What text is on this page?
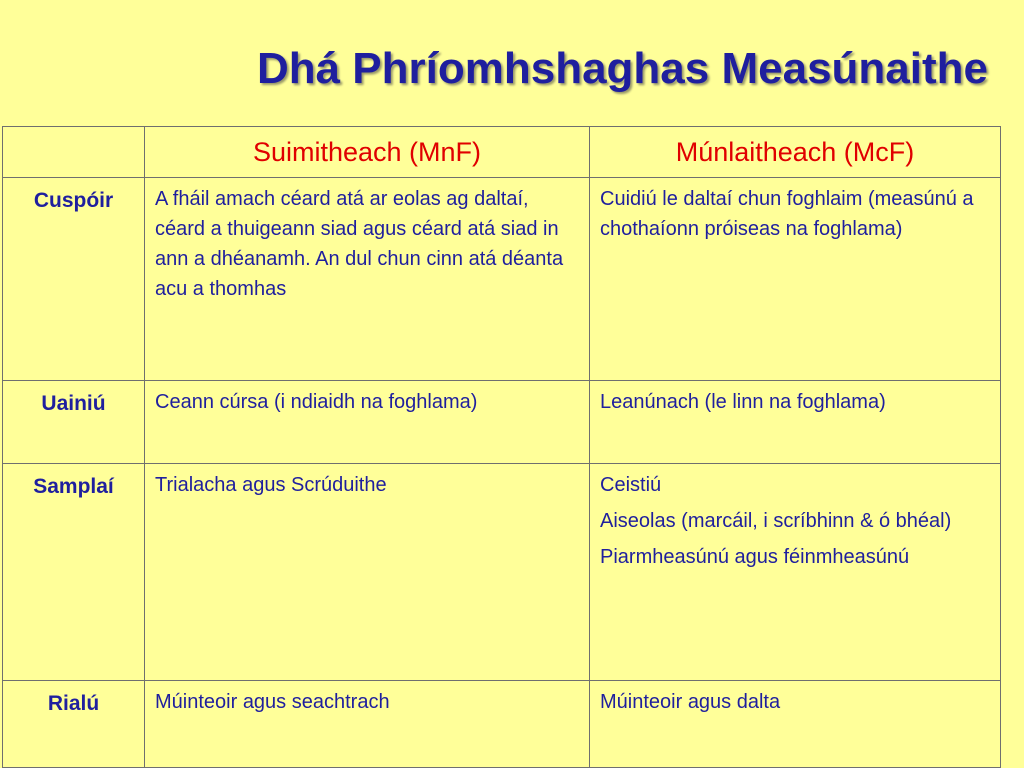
Dhá Phríomhshaghas Measúnaithe
	Suimitheach (MnF)	Múnlaitheach (McF)
Cuspóir	A fháil amach céard atá ar eolas ag daltaí, céard a thuigeann siad agus céard atá siad in ann a dhéanamh. An dul chun cinn atá déanta acu a thomhas	Cuidiú le daltaí chun foghlaim (measúnú a chothaíonn próiseas na foghlama)

Uainiú	Ceann cúrsa (i ndiaidh na foghlama)	Leanúnach (le linn na foghlama)

Samplaí	Trialacha agus Scrúduithe	Ceistiú
Aiseolas (marcáil, i scríbhinn & ó bhéal)
Piarmheasúnú agus féinmheasúnú

Rialú	Múinteoir agus seachtrach	Múinteoir agus dalta
